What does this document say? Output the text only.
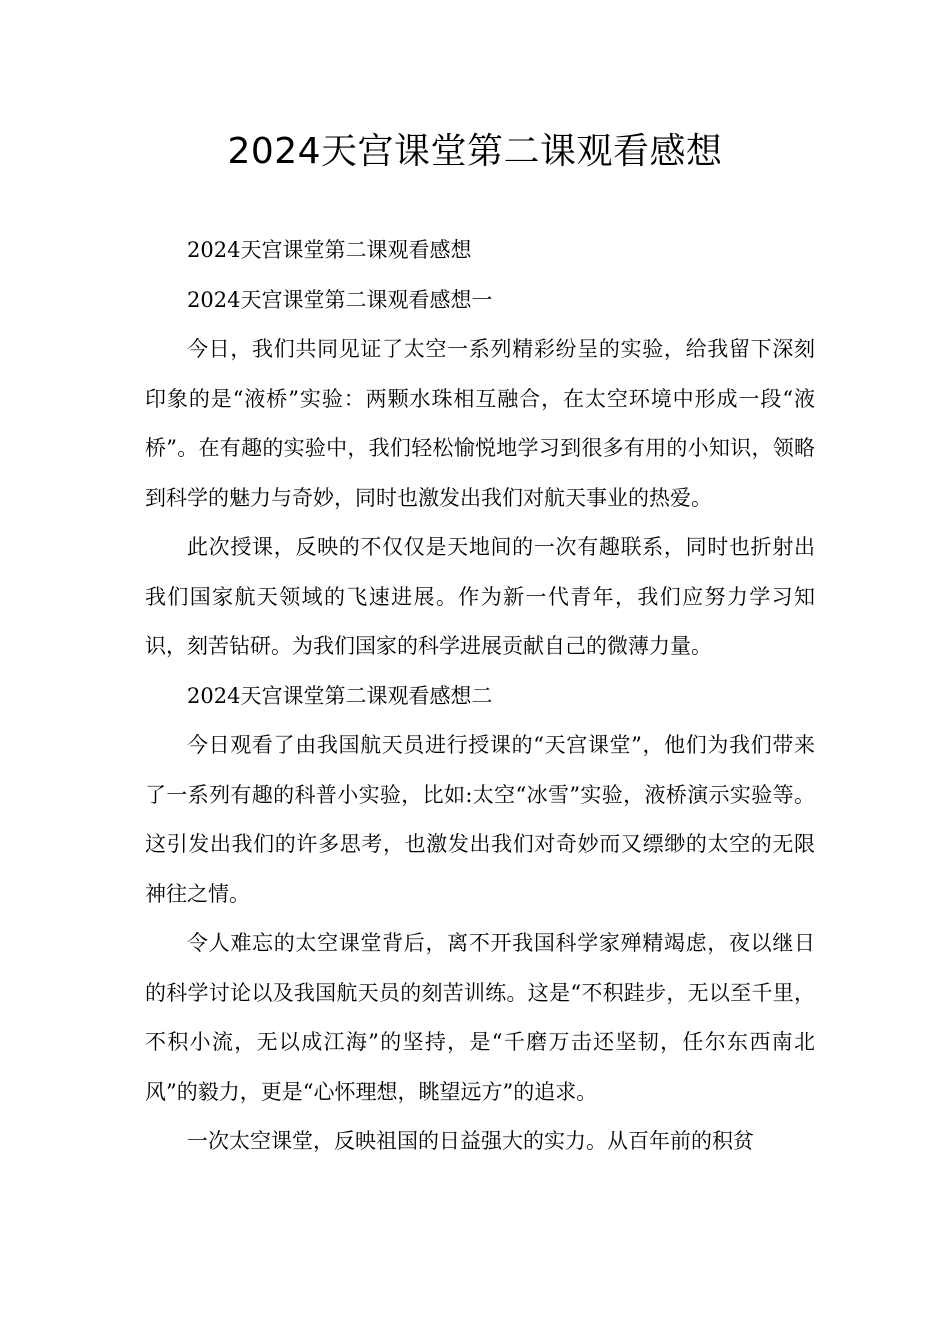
2024天宫课堂第二课观看感想

2024天宫课堂第二课观看感想

2024天宫课堂第二课观看感想一

今日，我们共同见证了太空一系列精彩纷呈的实验，给我留下深刻印象的是“液桥”实验：两颗水珠相互融合，在太空环境中形成一段“液桥”。在有趣的实验中，我们轻松愉悦地学习到很多有用的小知识，领略到科学的魅力与奇妙，同时也激发出我们对航天事业的热爱。

此次授课，反映的不仅仅是天地间的一次有趣联系，同时也折射出我们国家航天领域的飞速进展。作为新一代青年，我们应努力学习知识，刻苦钻研。为我们国家的科学进展贡献自己的微薄力量。

2024天宫课堂第二课观看感想二

今日观看了由我国航天员进行授课的“天宫课堂”，他们为我们带来了一系列有趣的科普小实验，比如:太空“冰雪”实验，液桥演示实验等。这引发出我们的许多思考，也激发出我们对奇妙而又缥缈的太空的无限神往之情。

令人难忘的太空课堂背后，离不开我国科学家殚精竭虑，夜以继日的科学讨论以及我国航天员的刻苦训练。这是“不积跬步，无以至千里，不积小流，无以成江海”的坚持，是“千磨万击还坚韧，任尔东西南北风”的毅力，更是“心怀理想，眺望远方”的追求。

一次太空课堂，反映祖国的日益强大的实力。从百年前的积贫
